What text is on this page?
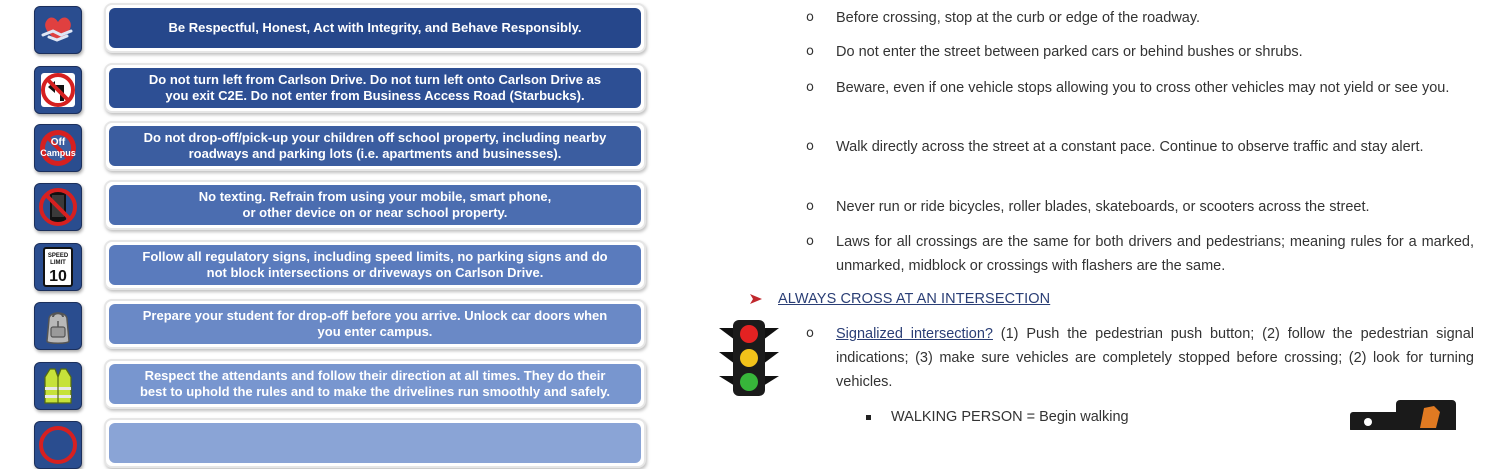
Be Respectful, Honest, Act with Integrity, and Behave Responsibly.
Do not turn left from Carlson Drive. Do not turn left onto Carlson Drive as
you exit C2E. Do not enter from Business Access Road (Starbucks).
Off
Campus
Do not drop-off/pick-up your children off school property, including nearby
roadways and parking lots (i.e. apartments and businesses).
No texting. Refrain from using your mobile, smart phone,
or other device on or near school property.
SPEED
LIMIT
10
Follow all regulatory signs, including speed limits, no parking signs and do
not block intersections or driveways on Carlson Drive.
Prepare your student for drop-off before you arrive. Unlock car doors when
you enter campus.
Respect the attendants and follow their direction at all times. They do their
best to uphold the rules and to make the drivelines run smoothly and safely.
o Before crossing, stop at the curb or edge of the roadway.
o Do not enter the street between parked cars or behind bushes or shrubs.
o Beware, even if one vehicle stops allowing you to cross other vehicles may not yield or see you.
o Walk directly across the street at a constant pace. Continue to observe traffic and stay alert.
o Never run or ride bicycles, roller blades, skateboards, or scooters across the street.
o Laws for all crossings are the same for both drivers and pedestrians; meaning rules for a marked, unmarked, midblock or crossings with flashers are the same.
ALWAYS CROSS AT AN INTERSECTION
o Signalized intersection? (1) Push the pedestrian push button; (2) follow the pedestrian signal indications; (3) make sure vehicles are completely stopped before crossing; (2) look for turning vehicles.
WALKING PERSON = Begin walking
